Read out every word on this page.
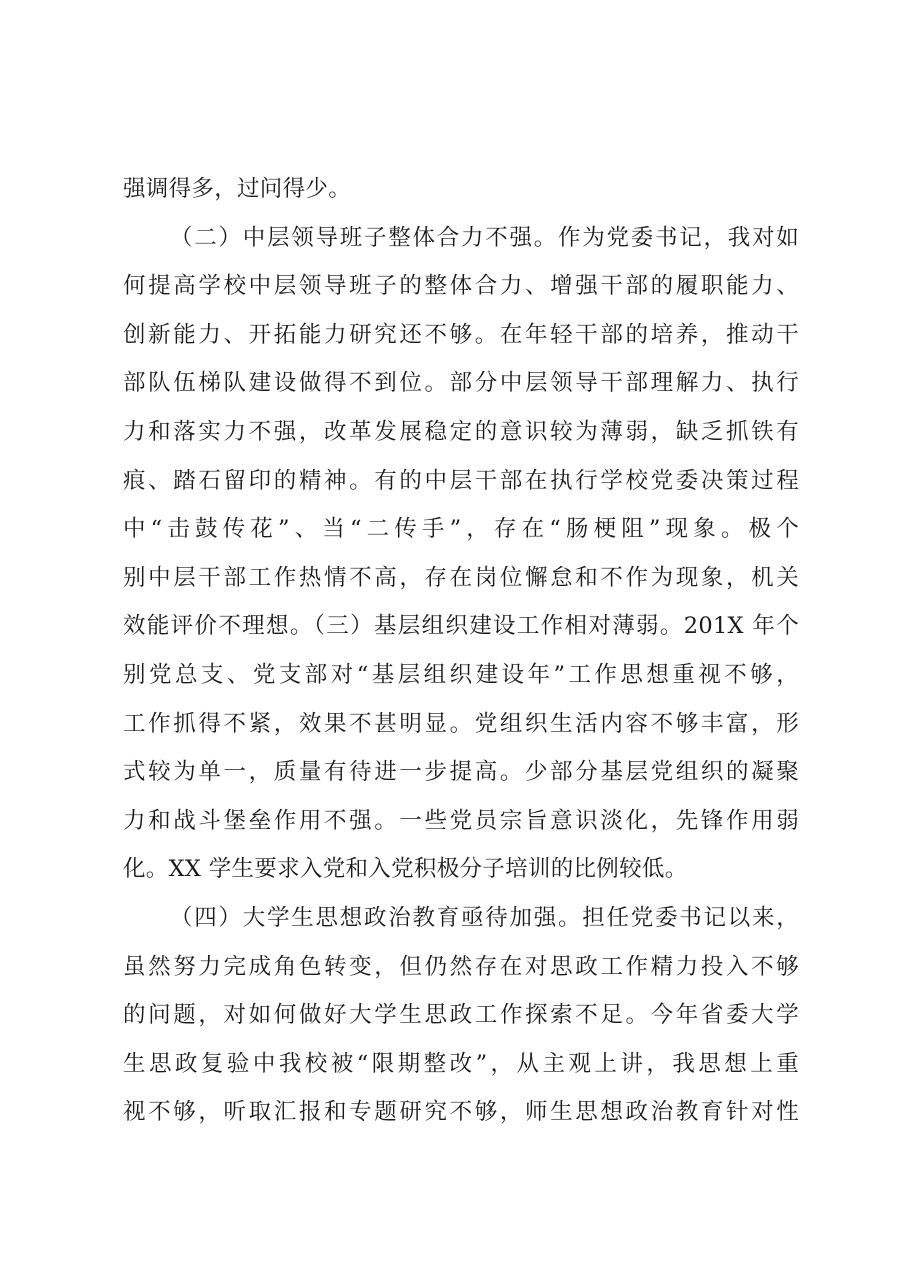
强调得多，过问得少。
（二）中层领导班子整体合力不强。作为党委书记，我对如
何提高学校中层领导班子的整体合力、增强干部的履职能力、
创新能力、开拓能力研究还不够。在年轻干部的培养，推动干
部队伍梯队建设做得不到位。部分中层领导干部理解力、执行
力和落实力不强，改革发展稳定的意识较为薄弱，缺乏抓铁有
痕、踏石留印的精神。有的中层干部在执行学校党委决策过程
中“击鼓传花”、当“二传手”，存在“肠梗阻”现象。极个
别中层干部工作热情不高，存在岗位懈怠和不作为现象，机关
效能评价不理想。（三）基层组织建设工作相对薄弱。201X 年个
别党总支、党支部对“基层组织建设年”工作思想重视不够，
工作抓得不紧，效果不甚明显。党组织生活内容不够丰富，形
式较为单一，质量有待进一步提高。少部分基层党组织的凝聚
力和战斗堡垒作用不强。一些党员宗旨意识淡化，先锋作用弱
化。XX 学生要求入党和入党积极分子培训的比例较低。
（四）大学生思想政治教育亟待加强。担任党委书记以来，
虽然努力完成角色转变，但仍然存在对思政工作精力投入不够
的问题，对如何做好大学生思政工作探索不足。今年省委大学
生思政复验中我校被“限期整改”，从主观上讲，我思想上重
视不够，听取汇报和专题研究不够，师生思想政治教育针对性
